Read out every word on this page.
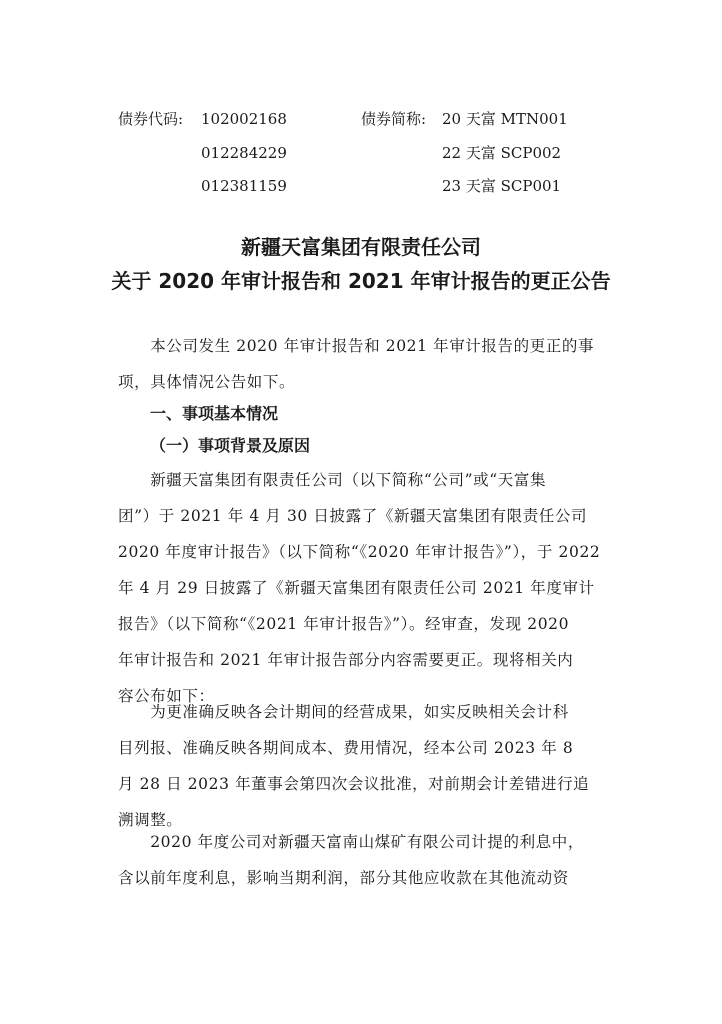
债券代码: 102002168	债券简称: 20 天富 MTN001
012284229	22 天富 SCP002
012381159	23 天富 SCP001
新疆天富集团有限责任公司
关于 2020 年审计报告和 2021 年审计报告的更正公告
　　本公司发生 2020 年审计报告和 2021 年审计报告的更正的事
项，具体情况公告如下。
一、事项基本情况
（一）事项背景及原因
　　新疆天富集团有限责任公司（以下简称“公司”或“天富集
团”）于 2021 年 4 月 30 日披露了《新疆天富集团有限责任公司
2020 年度审计报告》（以下简称“《2020 年审计报告》”），于 2022
年 4 月 29 日披露了《新疆天富集团有限责任公司 2021 年度审计
报告》（以下简称“《2021 年审计报告》”）。经审查，发现 2020
年审计报告和 2021 年审计报告部分内容需要更正。现将相关内
容公布如下：
　　为更准确反映各会计期间的经营成果，如实反映相关会计科
目列报、准确反映各期间成本、费用情况，经本公司 2023 年 8
月 28 日 2023 年董事会第四次会议批准，对前期会计差错进行追
溯调整。
　　2020 年度公司对新疆天富南山煤矿有限公司计提的利息中，
含以前年度利息，影响当期利润，部分其他应收款在其他流动资
